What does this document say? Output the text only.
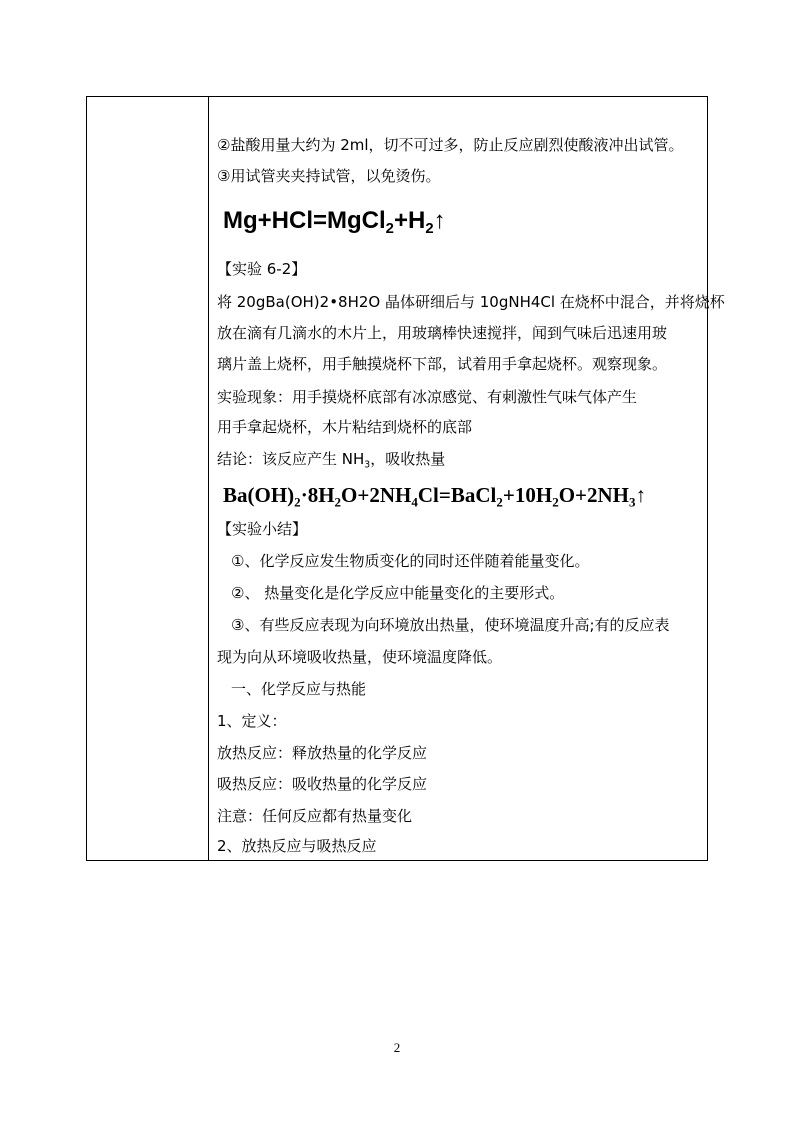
②盐酸用量大约为 2ml，切不可过多，防止反应剧烈使酸液冲出试管。
③用试管夹夹持试管，以免烫伤。
$Mg+HCl=MgCl_2+H_2↑$
【实验 6-2】
将 20gBa(OH)2•8H2O 晶体研细后与 10gNH4Cl 在烧杯中混合，并将烧杯
放在滴有几滴水的木片上，用玻璃棒快速搅拌，闻到气味后迅速用玻
璃片盖上烧杯，用手触摸烧杯下部，试着用手拿起烧杯。观察现象。
实验现象：用手摸烧杯底部有冰凉感觉、有刺激性气味气体产生
用手拿起烧杯，木片粘结到烧杯的底部
结论：该反应产生 $NH_3$，吸收热量
$Ba(OH)_2\cdot 8H_2O+2NH_4Cl=BaCl_2+10H_2O+2NH_3↑$
【实验小结】
①、化学反应发生物质变化的同时还伴随着能量变化。
②、 热量变化是化学反应中能量变化的主要形式。
③、有些反应表现为向环境放出热量，使环境温度升高;有的反应表
现为向从环境吸收热量，使环境温度降低。
一、化学反应与热能
1、定义：
放热反应：释放热量的化学反应
吸热反应：吸收热量的化学反应
注意：任何反应都有热量变化
2、放热反应与吸热反应
2
